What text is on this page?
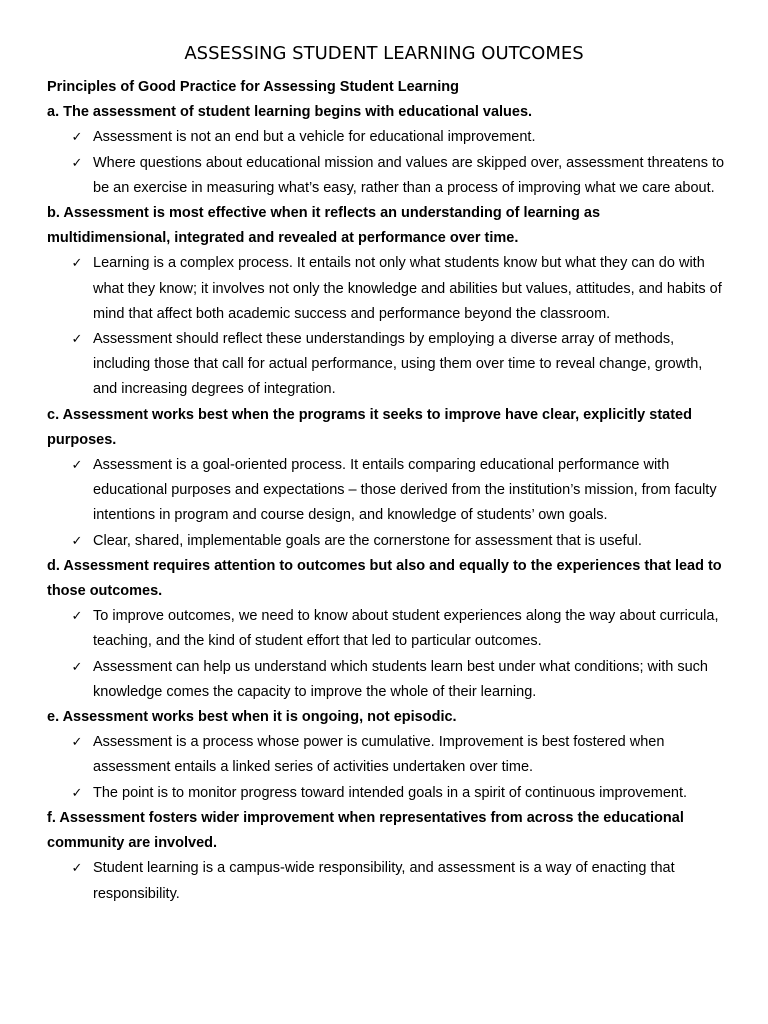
ASSESSING STUDENT LEARNING OUTCOMES

Principles of Good Practice for Assessing Student Learning

a. The assessment of student learning begins with educational values.

✓ Assessment is not an end but a vehicle for educational improvement.
✓ Where questions about educational mission and values are skipped over, assessment threatens to be an exercise in measuring what’s easy, rather than a process of improving what we care about.

b. Assessment is most effective when it reflects an understanding of learning as multidimensional, integrated and revealed at performance over time.

✓ Learning is a complex process. It entails not only what students know but what they can do with what they know; it involves not only the knowledge and abilities but values, attitudes, and habits of mind that affect both academic success and performance beyond the classroom.
✓ Assessment should reflect these understandings by employing a diverse array of methods, including those that call for actual performance, using them over time to reveal change, growth, and increasing degrees of integration.

c. Assessment works best when the programs it seeks to improve have clear, explicitly stated purposes.

✓ Assessment is a goal-oriented process. It entails comparing educational performance with educational purposes and expectations – those derived from the institution’s mission, from faculty intentions in program and course design, and knowledge of students’ own goals.
✓ Clear, shared, implementable goals are the cornerstone for assessment that is useful.

d. Assessment requires attention to outcomes but also and equally to the experiences that lead to those outcomes.

✓ To improve outcomes, we need to know about student experiences along the way about curricula, teaching, and the kind of student effort that led to particular outcomes.
✓ Assessment can help us understand which students learn best under what conditions; with such knowledge comes the capacity to improve the whole of their learning.

e. Assessment works best when it is ongoing, not episodic.

✓ Assessment is a process whose power is cumulative. Improvement is best fostered when assessment entails a linked series of activities undertaken over time.
✓ The point is to monitor progress toward intended goals in a spirit of continuous improvement.

f. Assessment fosters wider improvement when representatives from across the educational community are involved.

✓ Student learning is a campus-wide responsibility, and assessment is a way of enacting that responsibility.
